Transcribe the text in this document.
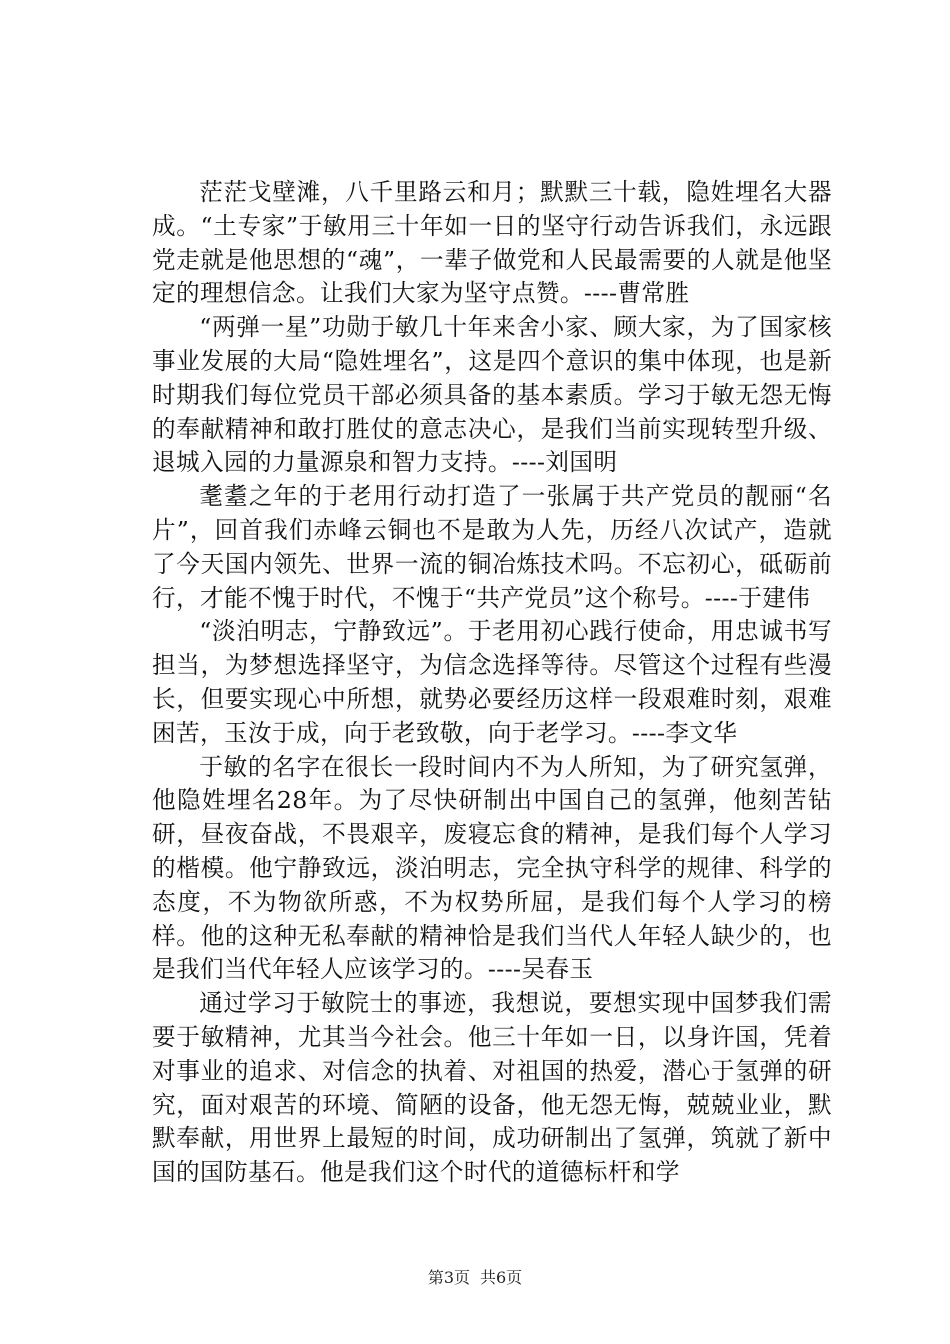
茫茫戈壁滩，八千里路云和月；默默三十载，隐姓埋名大器成。“土专家”于敏用三十年如一日的坚守行动告诉我们，永远跟党走就是他思想的“魂”，一辈子做党和人民最需要的人就是他坚定的理想信念。让我们大家为坚守点赞。----曹常胜

“两弹一星”功勋于敏几十年来舍小家、顾大家，为了国家核事业发展的大局“隐姓埋名”，这是四个意识的集中体现，也是新时期我们每位党员干部必须具备的基本素质。学习于敏无怨无悔的奉献精神和敢打胜仗的意志决心，是我们当前实现转型升级、退城入园的力量源泉和智力支持。----刘国明

耄耋之年的于老用行动打造了一张属于共产党员的靓丽“名片”，回首我们赤峰云铜也不是敢为人先，历经八次试产，造就了今天国内领先、世界一流的铜冶炼技术吗。不忘初心，砥砺前行，才能不愧于时代，不愧于“共产党员”这个称号。----于建伟

“淡泊明志，宁静致远”。于老用初心践行使命，用忠诚书写担当，为梦想选择坚守，为信念选择等待。尽管这个过程有些漫长，但要实现心中所想，就势必要经历这样一段艰难时刻，艰难困苦，玉汝于成，向于老致敬，向于老学习。----李文华

于敏的名字在很长一段时间内不为人所知，为了研究氢弹，他隐姓埋名28年。为了尽快研制出中国自己的氢弹，他刻苦钻研，昼夜奋战，不畏艰辛，废寝忘食的精神，是我们每个人学习的楷模。他宁静致远，淡泊明志，完全执守科学的规律、科学的态度，不为物欲所惑，不为权势所屈，是我们每个人学习的榜样。他的这种无私奉献的精神恰是我们当代人年轻人缺少的，也是我们当代年轻人应该学习的。----吴春玉

通过学习于敏院士的事迹，我想说，要想实现中国梦我们需要于敏精神，尤其当今社会。他三十年如一日，以身许国，凭着对事业的追求、对信念的执着、对祖国的热爱，潜心于氢弹的研究，面对艰苦的环境、简陋的设备，他无怨无悔，兢兢业业，默默奉献，用世界上最短的时间，成功研制出了氢弹，筑就了新中国的国防基石。他是我们这个时代的道德标杆和学

第3页 共6页
